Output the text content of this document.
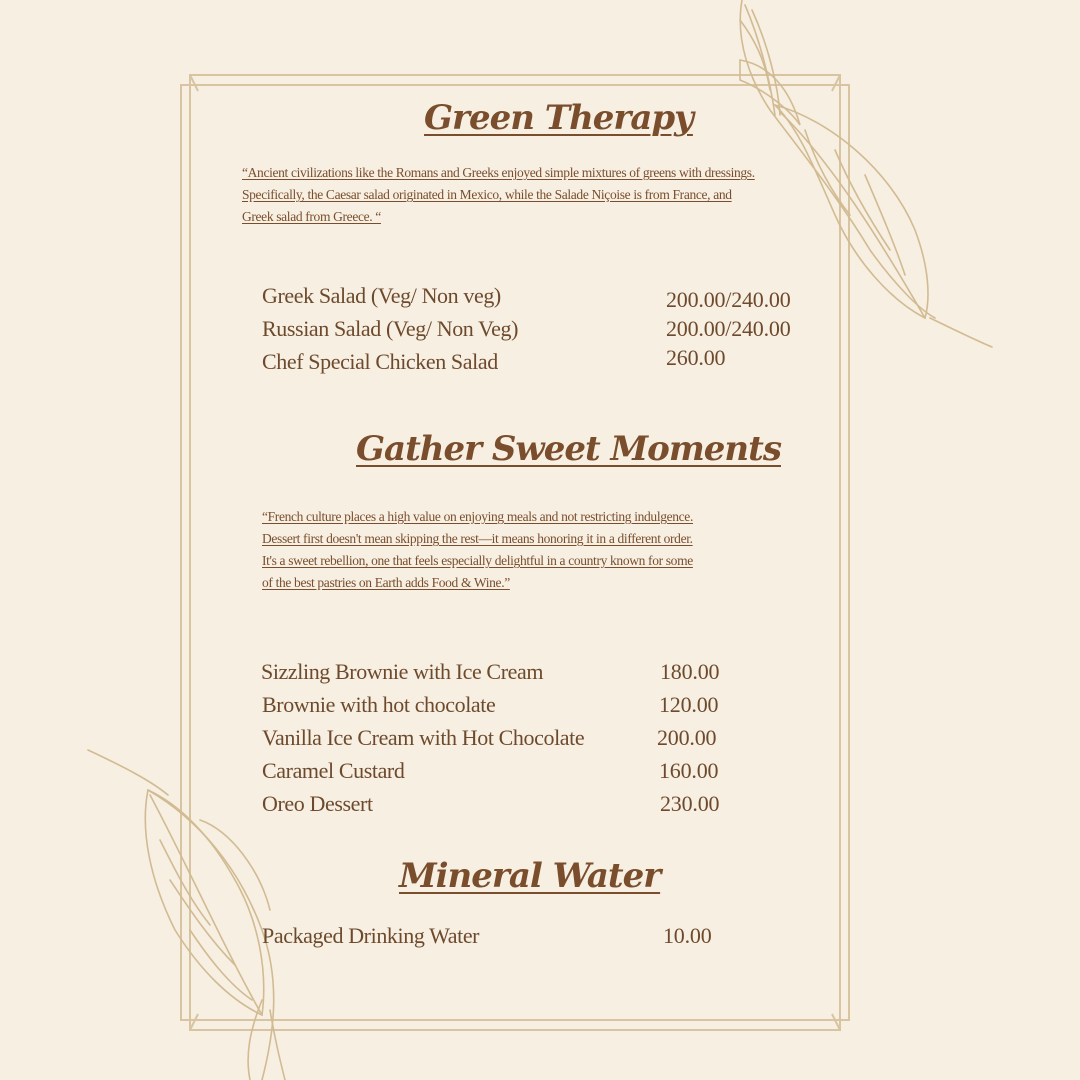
Green Therapy
“Ancient civilizations like the Romans and Greeks enjoyed simple mixtures of greens with dressings.
Specifically, the Caesar salad originated in Mexico, while the Salade Niçoise is from France, and
Greek salad from Greece. “
Greek Salad (Veg/ Non veg)	200.00/240.00
Russian Salad (Veg/ Non Veg)	200.00/240.00
Chef Special Chicken Salad	260.00
Gather Sweet Moments
“French culture places a high value on enjoying meals and not restricting indulgence.
Dessert first doesn't mean skipping the rest—it means honoring it in a different order.
It's a sweet rebellion, one that feels especially delightful in a country known for some
of the best pastries on Earth adds Food & Wine.”
Sizzling Brownie with Ice Cream	180.00
Brownie with hot chocolate	120.00
Vanilla Ice Cream with Hot Chocolate	200.00
Caramel Custard	160.00
Oreo Dessert	230.00
Mineral Water
Packaged Drinking Water	10.00
